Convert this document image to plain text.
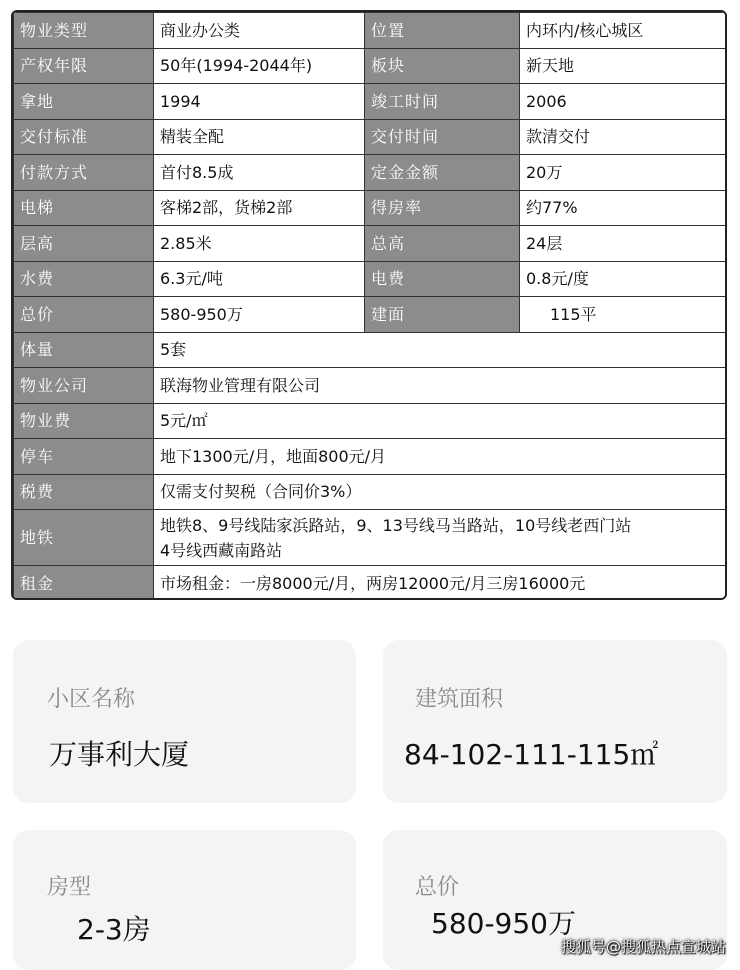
物业类型	商业办公类	位置	内环内/核心城区
产权年限	50年(1994-2044年)	板块	新天地
拿地	1994	竣工时间	2006
交付标准	精装全配	交付时间	款清交付
付款方式	首付8.5成	定金金额	20万
电梯	客梯2部，货梯2部	得房率	约77%
层高	2.85米	总高	24层
水费	6.3元/吨	电费	0.8元/度
总价	580-950万	建面	115平
体量	5套		
物业公司	联海物业管理有限公司		
物业费	5元/㎡		
停车	地下1300元/月，地面800元/月		
税费	仅需支付契税（合同价3%）		
地铁	地铁8、9号线陆家浜路站，9、13号线马当路站，10号线老西门站
4号线西藏南路站		

租金	市场租金：一房8000元/月，两房12000元/月三房16000元		
小区名称
万事利大厦
建筑面积
84-102-111-115㎡
房型
2-3房
总价
580-950万
搜狐号@搜狐热点宣城站
